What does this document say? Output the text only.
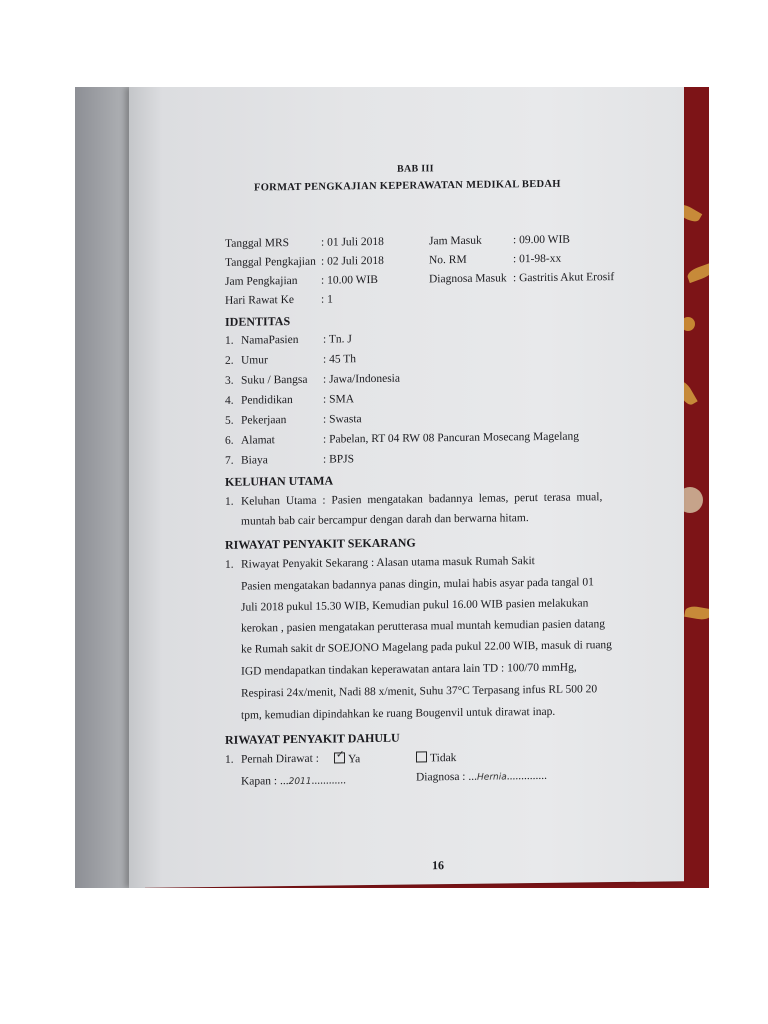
BAB III
FORMAT PENGKAJIAN KEPERAWATAN MEDIKAL BEDAH
Tanggal MRS	: 01 Juli 2018
Tanggal Pengkajian : 02 Juli 2018
Jam Pengkajian : 10.00 WIB
Hari Rawat Ke : 1
Jam Masuk	: 09.00 WIB
No. RM	: 01-98-xx
Diagnosa Masuk : Gastritis Akut Erosif
IDENTITAS
1. NamaPasien : Tn. J
2. Umur	: 45 Th
3. Suku / Bangsa : Jawa/Indonesia
4. Pendidikan	: SMA
5. Pekerjaan	: Swasta
6. Alamat	: Pabelan, RT 04 RW 08 Pancuran Mosecang Magelang
7. Biaya	: BPJS
KELUHAN UTAMA
1. Keluhan Utama : Pasien mengatakan badannya lemas, perut terasa mual,
muntah bab cair bercampur dengan darah dan berwarna hitam.
RIWAYAT PENYAKIT SEKARANG
1. Riwayat Penyakit Sekarang : Alasan utama masuk Rumah Sakit
Pasien mengatakan badannya panas dingin, mulai habis asyar pada tangal 01
Juli 2018 pukul 15.30 WIB, Kemudian pukul 16.00 WIB pasien melakukan
kerokan , pasien mengatakan perutterasa mual muntah kemudian pasien datang
ke Rumah sakit dr SOEJONO Magelang pada pukul 22.00 WIB, masuk di ruang
IGD mendapatkan tindakan keperawatan antara lain TD : 100/70 mmHg,
Respirasi 24x/menit, Nadi 88 x/menit, Suhu 37°C Terpasang infus RL 500 20
tpm, kemudian dipindahkan ke ruang Bougenvil untuk dirawat inap.
RIWAYAT PENYAKIT DAHULU
1. Pernah Dirawat : ✓ Ya	Tidak
Kapan : ...2011............	Diagnosa : ...Hernia..............
16
